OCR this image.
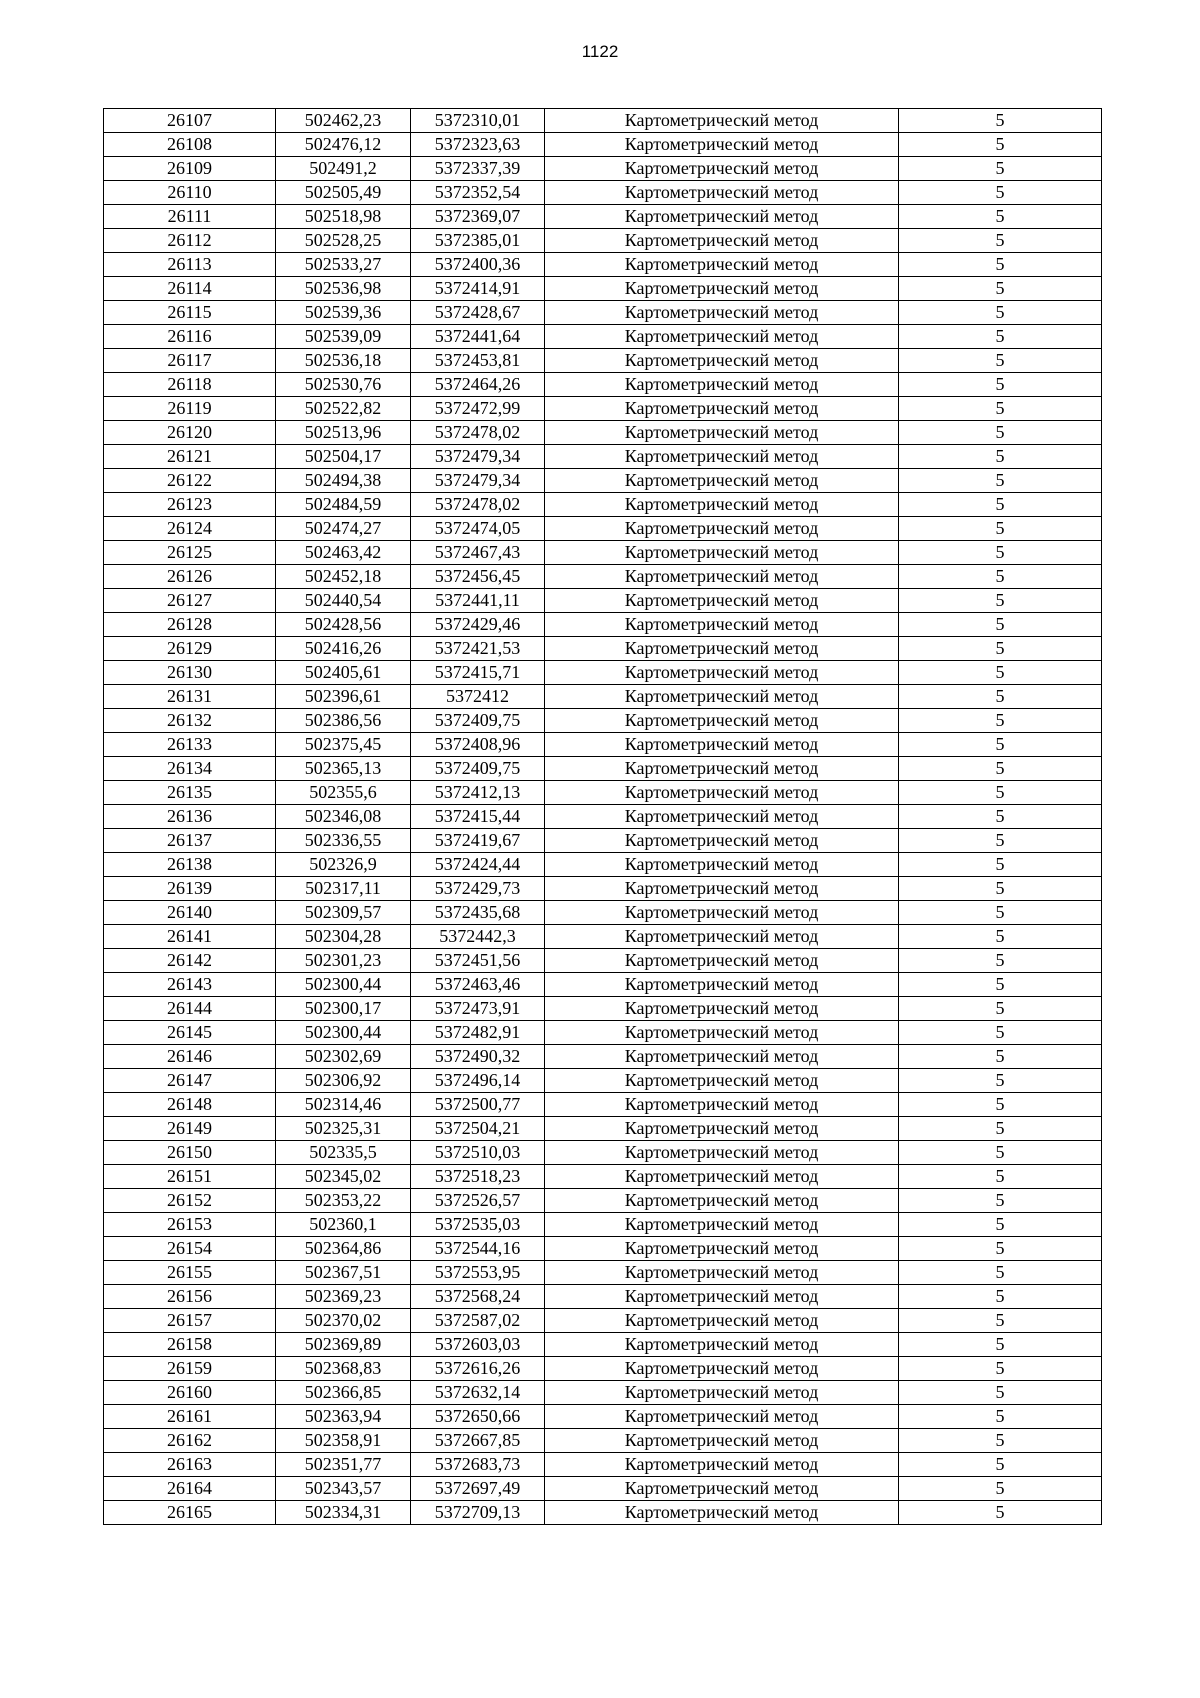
1122
26107	502462,23	5372310,01	Картометрический метод	5
26108	502476,12	5372323,63	Картометрический метод	5
26109	502491,2	5372337,39	Картометрический метод	5
26110	502505,49	5372352,54	Картометрический метод	5
26111	502518,98	5372369,07	Картометрический метод	5
26112	502528,25	5372385,01	Картометрический метод	5
26113	502533,27	5372400,36	Картометрический метод	5
26114	502536,98	5372414,91	Картометрический метод	5
26115	502539,36	5372428,67	Картометрический метод	5
26116	502539,09	5372441,64	Картометрический метод	5
26117	502536,18	5372453,81	Картометрический метод	5
26118	502530,76	5372464,26	Картометрический метод	5
26119	502522,82	5372472,99	Картометрический метод	5
26120	502513,96	5372478,02	Картометрический метод	5
26121	502504,17	5372479,34	Картометрический метод	5
26122	502494,38	5372479,34	Картометрический метод	5
26123	502484,59	5372478,02	Картометрический метод	5
26124	502474,27	5372474,05	Картометрический метод	5
26125	502463,42	5372467,43	Картометрический метод	5
26126	502452,18	5372456,45	Картометрический метод	5
26127	502440,54	5372441,11	Картометрический метод	5
26128	502428,56	5372429,46	Картометрический метод	5
26129	502416,26	5372421,53	Картометрический метод	5
26130	502405,61	5372415,71	Картометрический метод	5
26131	502396,61	5372412	Картометрический метод	5
26132	502386,56	5372409,75	Картометрический метод	5
26133	502375,45	5372408,96	Картометрический метод	5
26134	502365,13	5372409,75	Картометрический метод	5
26135	502355,6	5372412,13	Картометрический метод	5
26136	502346,08	5372415,44	Картометрический метод	5
26137	502336,55	5372419,67	Картометрический метод	5
26138	502326,9	5372424,44	Картометрический метод	5
26139	502317,11	5372429,73	Картометрический метод	5
26140	502309,57	5372435,68	Картометрический метод	5
26141	502304,28	5372442,3	Картометрический метод	5
26142	502301,23	5372451,56	Картометрический метод	5
26143	502300,44	5372463,46	Картометрический метод	5
26144	502300,17	5372473,91	Картометрический метод	5
26145	502300,44	5372482,91	Картометрический метод	5
26146	502302,69	5372490,32	Картометрический метод	5
26147	502306,92	5372496,14	Картометрический метод	5
26148	502314,46	5372500,77	Картометрический метод	5
26149	502325,31	5372504,21	Картометрический метод	5
26150	502335,5	5372510,03	Картометрический метод	5
26151	502345,02	5372518,23	Картометрический метод	5
26152	502353,22	5372526,57	Картометрический метод	5
26153	502360,1	5372535,03	Картометрический метод	5
26154	502364,86	5372544,16	Картометрический метод	5
26155	502367,51	5372553,95	Картометрический метод	5
26156	502369,23	5372568,24	Картометрический метод	5
26157	502370,02	5372587,02	Картометрический метод	5
26158	502369,89	5372603,03	Картометрический метод	5
26159	502368,83	5372616,26	Картометрический метод	5
26160	502366,85	5372632,14	Картометрический метод	5
26161	502363,94	5372650,66	Картометрический метод	5
26162	502358,91	5372667,85	Картометрический метод	5
26163	502351,77	5372683,73	Картометрический метод	5
26164	502343,57	5372697,49	Картометрический метод	5
26165	502334,31	5372709,13	Картометрический метод	5
